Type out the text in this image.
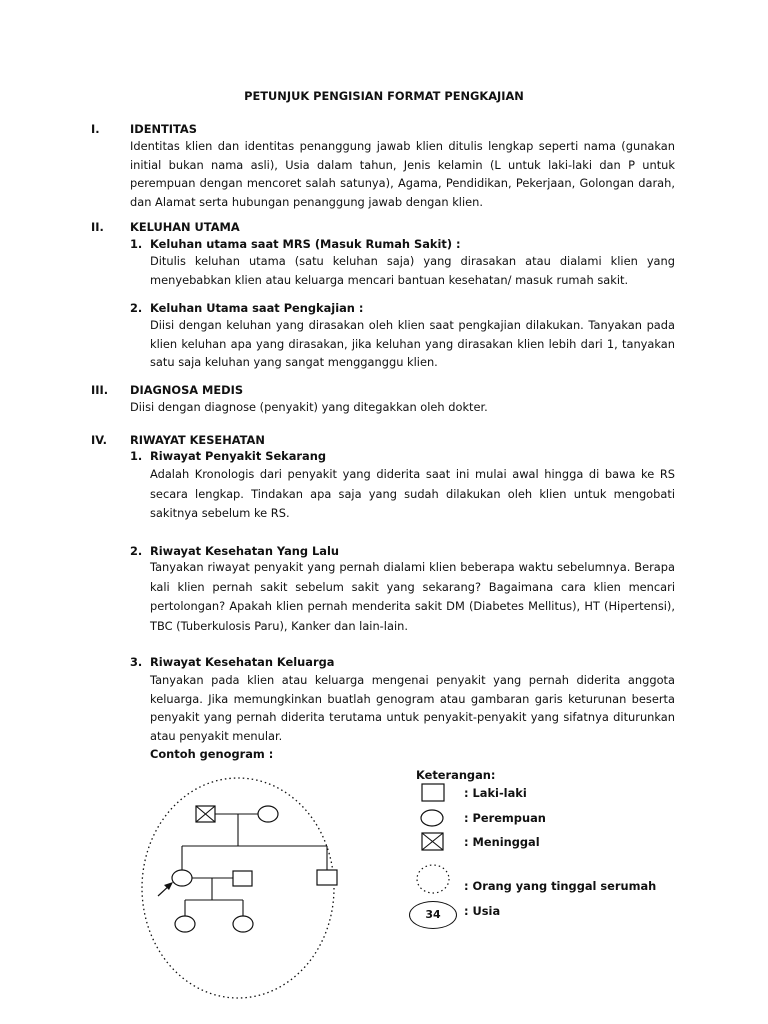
PETUNJUK PENGISIAN FORMAT PENGKAJIAN
I.	IDENTITAS
Identitas klien dan identitas penanggung jawab klien ditulis lengkap seperti nama (gunakan initial bukan nama asli), Usia dalam tahun, Jenis kelamin (L untuk laki-laki dan P untuk perempuan dengan mencoret salah satunya), Agama, Pendidikan, Pekerjaan, Golongan darah, dan Alamat serta hubungan penanggung jawab dengan klien.
II. KELUHAN UTAMA
1. Keluhan utama saat MRS (Masuk Rumah Sakit) :
Ditulis keluhan utama (satu keluhan saja) yang dirasakan atau dialami klien yang menyebabkan klien atau keluarga mencari bantuan kesehatan/ masuk rumah sakit.
2. Keluhan Utama saat Pengkajian :
Diisi dengan keluhan yang dirasakan oleh klien saat pengkajian dilakukan. Tanyakan pada klien keluhan apa yang dirasakan, jika keluhan yang dirasakan klien lebih dari 1, tanyakan satu saja keluhan yang sangat mengganggu klien.
III. DIAGNOSA MEDIS
Diisi dengan diagnose (penyakit) yang ditegakkan oleh dokter.
IV. RIWAYAT KESEHATAN
1. Riwayat Penyakit Sekarang
Adalah Kronologis dari penyakit yang diderita saat ini mulai awal hingga di bawa ke RS secara lengkap. Tindakan apa saja yang sudah dilakukan oleh klien untuk mengobati sakitnya sebelum ke RS.
2. Riwayat Kesehatan Yang Lalu
Tanyakan riwayat penyakit yang pernah dialami klien beberapa waktu sebelumnya. Berapa kali klien pernah sakit sebelum sakit yang sekarang? Bagaimana cara klien mencari pertolongan? Apakah klien pernah menderita sakit DM (Diabetes Mellitus), HT (Hipertensi), TBC (Tuberkulosis Paru), Kanker dan lain-lain.
3. Riwayat Kesehatan Keluarga
Tanyakan pada klien atau keluarga mengenai penyakit yang pernah diderita anggota keluarga. Jika memungkinkan buatlah genogram atau gambaran garis keturunan beserta penyakit yang pernah diderita terutama untuk penyakit-penyakit yang sifatnya diturunkan atau penyakit menular.
Contoh genogram :
Keterangan:
34
: Laki-laki
: Perempuan
: Meninggal
: Orang yang tinggal serumah
: Usia
